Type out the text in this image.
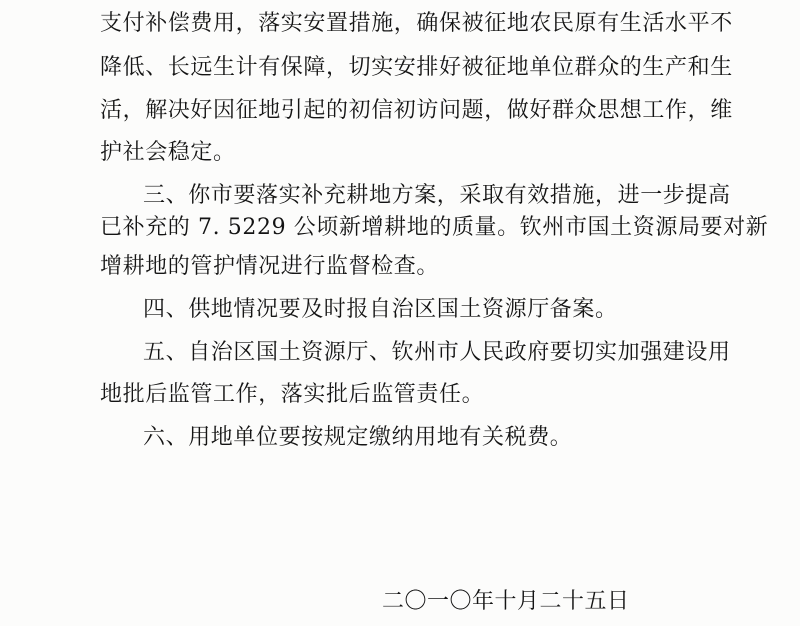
支付补偿费用，落实安置措施，确保被征地农民原有生活水平不
降低、长远生计有保障，切实安排好被征地单位群众的生产和生
活，解决好因征地引起的初信初访问题，做好群众思想工作，维
护社会稳定。
三、你市要落实补充耕地方案，采取有效措施，进一步提高
已补充的 7. 5229 公顷新增耕地的质量。钦州市国土资源局要对新
增耕地的管护情况进行监督检查。
四、供地情况要及时报自治区国土资源厅备案。
五、自治区国土资源厅、钦州市人民政府要切实加强建设用
地批后监管工作，落实批后监管责任。
六、用地单位要按规定缴纳用地有关税费。
二〇一〇年十月二十五日
